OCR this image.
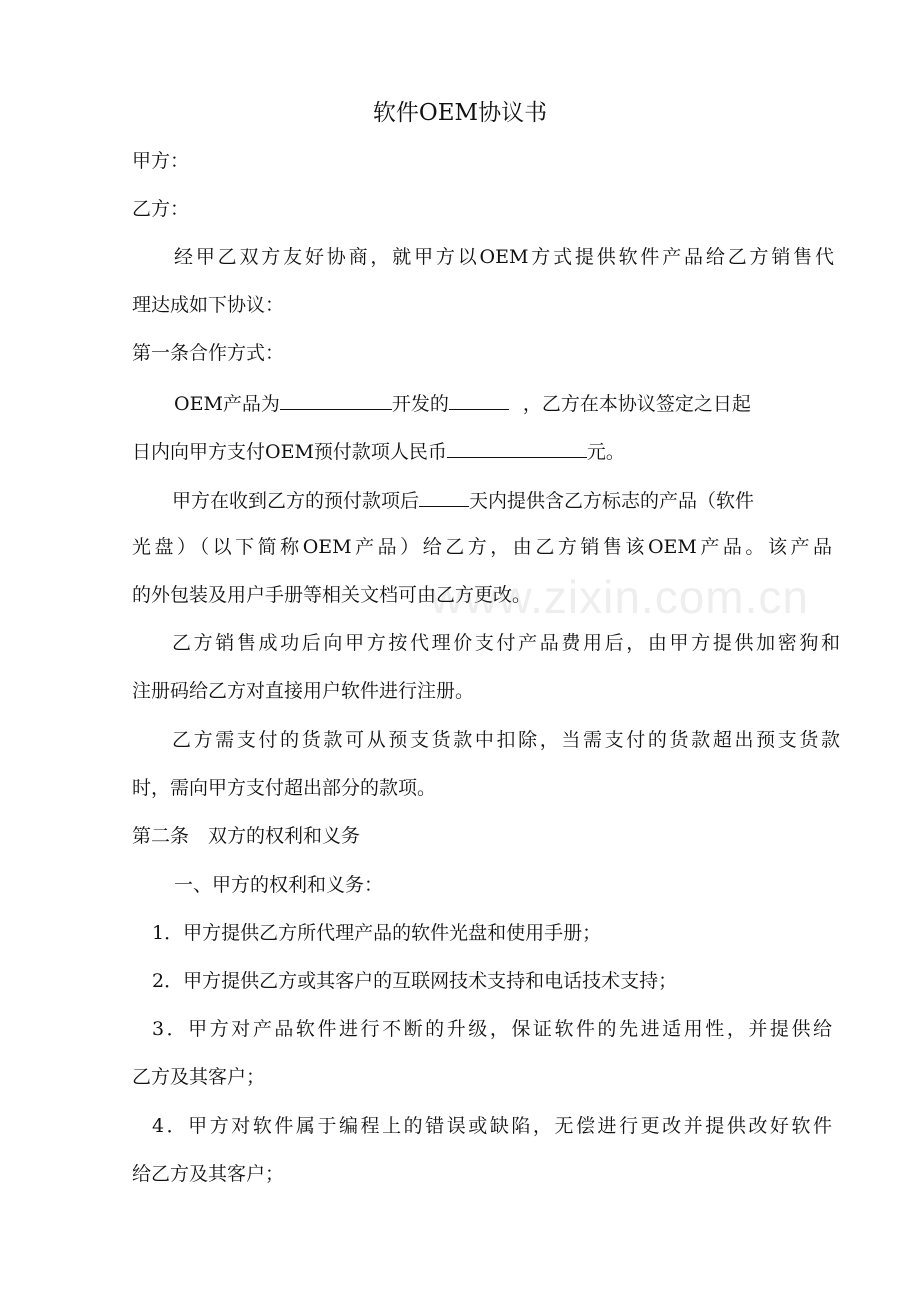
www.zixin.com.cn
软件OEM协议书
甲方：
乙方：
经甲乙双方友好协商，就甲方以OEM方式提供软件产品给乙方销售代
理达成如下协议：
第一条合作方式：
OEM产品为	开发的	，乙方在本协议签定之日起
日内向甲方支付OEM预付款项人民币	元。
甲方在收到乙方的预付款项后	天内提供含乙方标志的产品（软件
光盘）（以下简称OEM产品）给乙方，由乙方销售该OEM产品。该产品
的外包装及用户手册等相关文档可由乙方更改。
乙方销售成功后向甲方按代理价支付产品费用后，由甲方提供加密狗和
注册码给乙方对直接用户软件进行注册。
乙方需支付的货款可从预支货款中扣除，当需支付的货款超出预支货款
时，需向甲方支付超出部分的款项。
第二条　双方的权利和义务
一、甲方的权利和义务：
1．甲方提供乙方所代理产品的软件光盘和使用手册；
2．甲方提供乙方或其客户的互联网技术支持和电话技术支持；
3．甲方对产品软件进行不断的升级，保证软件的先进适用性，并提供给
乙方及其客户；
4．甲方对软件属于编程上的错误或缺陷，无偿进行更改并提供改好软件
给乙方及其客户；
